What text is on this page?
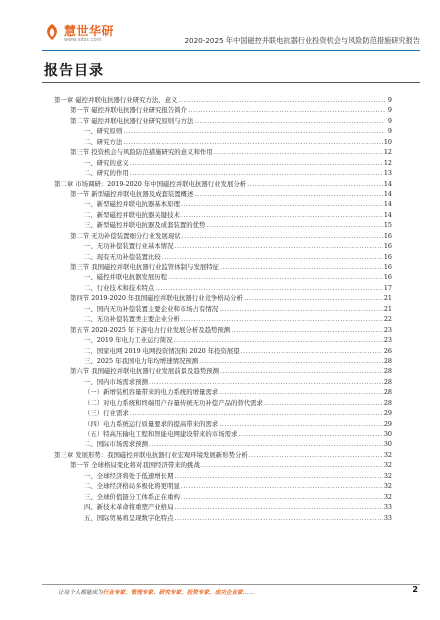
慧世华研
www.vdoc.com	2020-2025 年中国磁控并联电抗器行业投资机会与风险防范措施研究报告
报告目录
第一章 磁控并联电抗器行业研究方法、意义 .....	9
第一节 磁控并联电抗器行业研究报告简介 .....	9
第二节 磁控并联电抗器行业研究原则与方法 .....	9
一、研究原则 .....	9
二、研究方法 .....	10
第三节 投资机会与风险防范措施研究的意义和作用 .....	12
一、研究的意义 .....	12
二、研究的作用 .....	13
第二章 市场调研：2019-2020 年中国磁控并联电抗器行业发展分析 .....	14
第一节 新型磁控并联电抗器及成套装置概述 .....	14
一、新型磁控并联电抗器基本原理 .....	14
二、新型磁控并联电抗器关键技术 .....	14
三、新型磁控并联电抗器及成套装置的优势 .....	15
第二节 无功补偿装置细分行业发展现状 .....	16
一、无功补偿装置行业基本情况 .....	16
二、现有无功补偿装置比较 .....	16
第三节 我国磁控并联电抗器行业监管体制与发展特征 .....	16
一、磁控并联电抗器发展历程 .....	16
二、行业技术和技术特点 .....	17
第四节 2019-2020 年我国磁控并联电抗器行业竞争格局分析 .....	21
一、国内无功补偿装置主要企业和市场占有情况 .....	21
二、无功补偿装置类主要企业分析 .....	22
第五节 2020-2025 年下游电力行业发展分析及趋势预测 .....	23
一、2019 年电力工业运行简况 .....	23
二、国家电网 2019 电网投资情况和 2020 年投资展望 .....	26
三、2025 年我国电力年均增速情况预测 .....	28
第六节 我国磁控并联电抗器行业发展前景及趋势预测 .....	28
一、国内市场需求预测 .....	28
（一）新增装机容量带来的电力系统的增量需求 .....	28
（二）对电力系统和终端用户存量传统无功补偿产品的替代需求 .....	28
（三）行业需求 .....	29
（四）电力系统运行质量要求的提高带来的需求 .....	29
（五）特高压输电工程和智能电网建设带来的市场需求 .....	30
二、国际市场需求预测 .....	30
第三章 发展形势：我国磁控并联电抗器行业宏观环境发展新形势分析 .....	32
第一节 全球格局变化将对我国经济带来的挑战 .....	32
一、全球经济将处于低速增长期 .....	32
二、全球经济格局多极化将更明显 .....	32
三、全球价值链分工体系正在重构 .....	32
四、新技术革命将重塑产业格局 .....	33
五、国际贸易将呈现数字化特点 .....	33
让每个人都能成为行业专家、管理专家、研究专家、投资专家、成功企业家……	2
